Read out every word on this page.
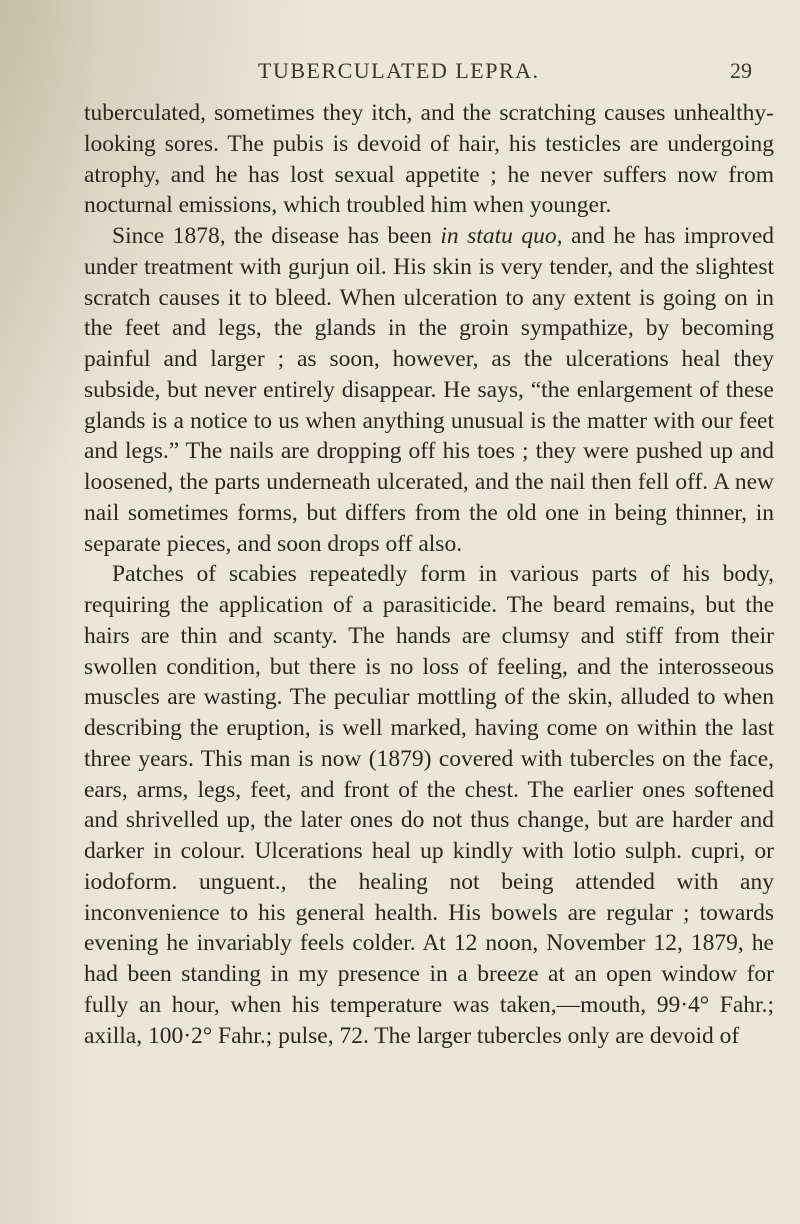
TUBERCULATED LEPRA.	29

tuberculated, sometimes they itch, and the scratching causes unhealthy-looking sores. The pubis is devoid of hair, his testicles are undergoing atrophy, and he has lost sexual appetite ; he never suffers now from nocturnal emissions, which troubled him when younger.

Since 1878, the disease has been in statu quo, and he has improved under treatment with gurjun oil. His skin is very tender, and the slightest scratch causes it to bleed. When ulceration to any extent is going on in the feet and legs, the glands in the groin sympathize, by becoming painful and larger ; as soon, however, as the ulcerations heal they subside, but never entirely disappear. He says, “the enlargement of these glands is a notice to us when anything unusual is the matter with our feet and legs.” The nails are dropping off his toes ; they were pushed up and loosened, the parts underneath ulcerated, and the nail then fell off. A new nail sometimes forms, but differs from the old one in being thinner, in separate pieces, and soon drops off also.

Patches of scabies repeatedly form in various parts of his body, requiring the application of a parasiticide. The beard remains, but the hairs are thin and scanty. The hands are clumsy and stiff from their swollen condition, but there is no loss of feeling, and the interosseous muscles are wasting. The peculiar mottling of the skin, alluded to when describing the eruption, is well marked, having come on within the last three years. This man is now (1879) covered with tubercles on the face, ears, arms, legs, feet, and front of the chest. The earlier ones softened and shrivelled up, the later ones do not thus change, but are harder and darker in colour. Ulcerations heal up kindly with lotio sulph. cupri, or iodoform. unguent., the healing not being attended with any inconvenience to his general health. His bowels are regular ; towards evening he invariably feels colder. At 12 noon, November 12, 1879, he had been standing in my presence in a breeze at an open window for fully an hour, when his temperature was taken,—mouth, 99·4° Fahr.; axilla, 100·2° Fahr.; pulse, 72. The larger tubercles only are devoid of
